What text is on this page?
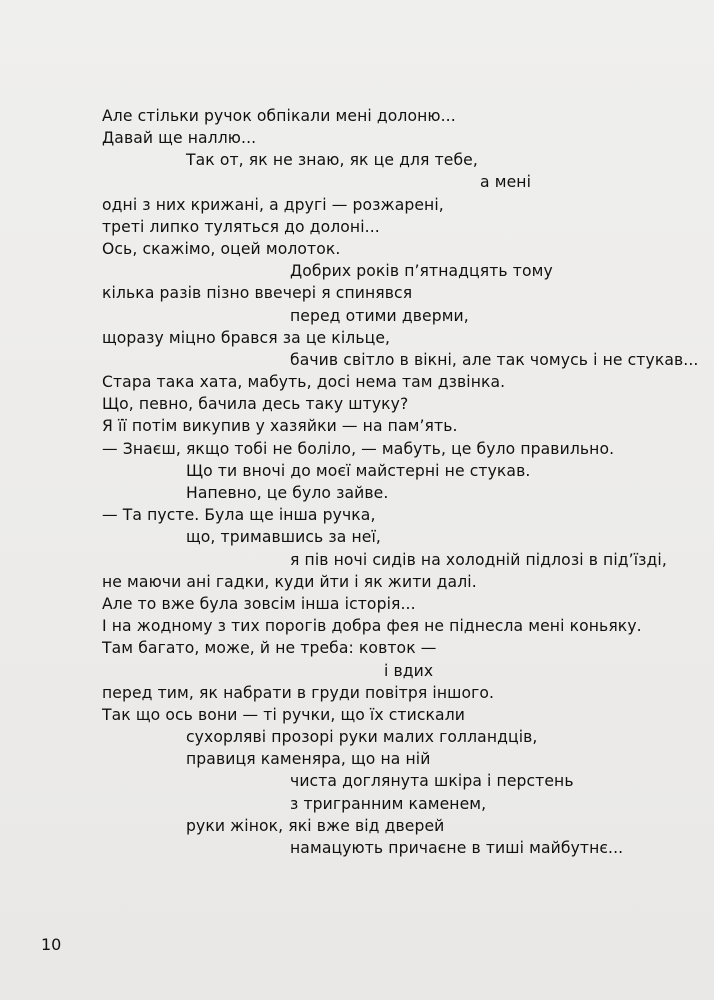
Але стільки ручок обпікали мені долоню...
Давай ще наллю...
Так от, як не знаю, як це для тебе,
а мені
одні з них крижані, а другі — розжарені,
треті липко туляться до долоні...
Ось, скажімо, оцей молоток.
Добрих років п’ятнадцять тому
кілька разів пізно ввечері я спинявся
перед отими дверми,
щоразу міцно брався за це кільце,
бачив світло в вікні, але так чомусь і не стукав...
Стара така хата, мабуть, досі нема там дзвінка.
Що, певно, бачила десь таку штуку?
Я її потім викупив у хазяйки — на пам’ять.
— Знаєш, якщо тобі не боліло, — мабуть, це було правильно.
Що ти вночі до моєї майстерні не стукав.
Напевно, це було зайве.
— Та пусте. Була ще інша ручка,
що, тримавшись за неї,
я пів ночі сидів на холодній підлозі в під’їзді,
не маючи ані гадки, куди йти і як жити далі.
Але то вже була зовсім інша історія...
І на жодному з тих порогів добра фея не піднесла мені коньяку.
Там багато, може, й не треба: ковток —
і вдих
перед тим, як набрати в груди повітря іншого.
Так що ось вони — ті ручки, що їх стискали
сухорляві прозорі руки малих голландців,
правиця каменяра, що на ній
чиста доглянута шкіра і перстень
з тригранним каменем,
руки жінок, які вже від дверей
намацують причаєне в тиші майбутнє...
10
